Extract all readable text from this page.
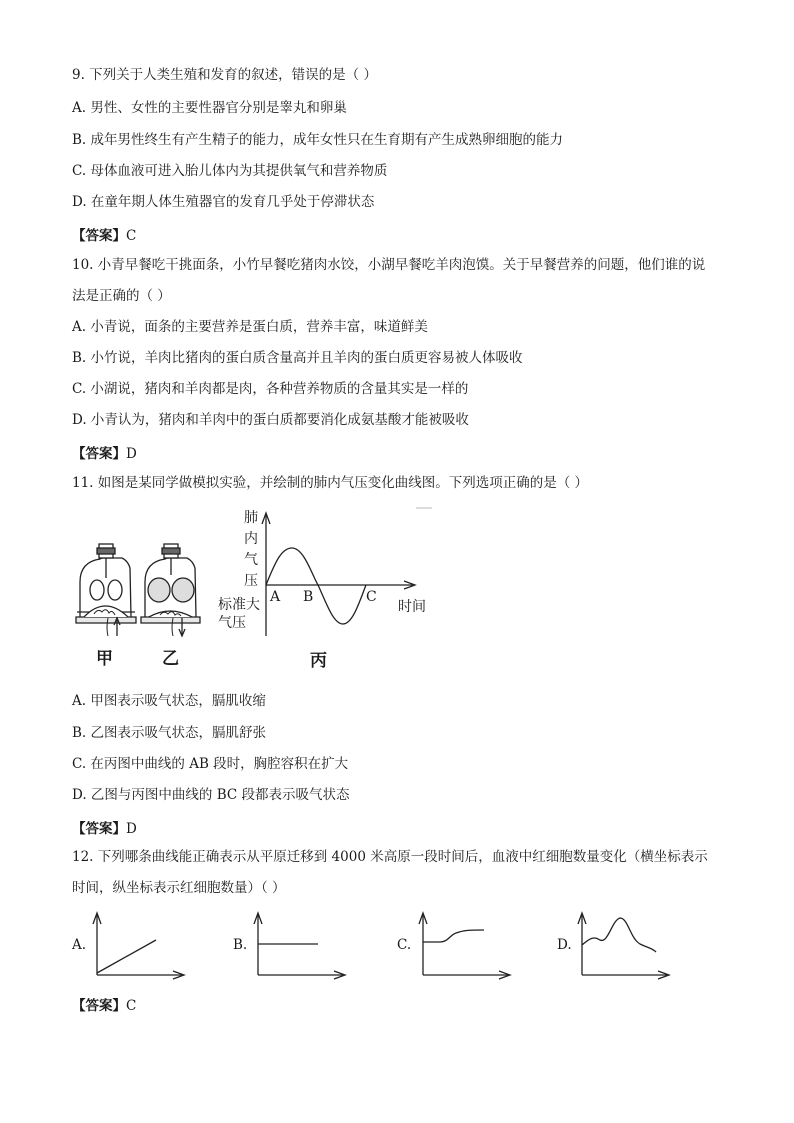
9. 下列关于人类生殖和发育的叙述，错误的是（ ）
A. 男性、女性的主要性器官分别是睾丸和卵巢
B. 成年男性终生有产生精子的能力，成年女性只在生育期有产生成熟卵细胞的能力
C. 母体血液可进入胎儿体内为其提供氧气和营养物质
D. 在童年期人体生殖器官的发育几乎处于停滞状态
【答案】C
10. 小青早餐吃干挑面条，小竹早餐吃猪肉水饺，小湖早餐吃羊肉泡馍。关于早餐营养的问题，他们谁的说
法是正确的（ ）
A. 小青说，面条的主要营养是蛋白质，营养丰富，味道鲜美
B. 小竹说，羊肉比猪肉的蛋白质含量高并且羊肉的蛋白质更容易被人体吸收
C. 小湖说，猪肉和羊肉都是肉，各种营养物质的含量其实是一样的
D. 小青认为，猪肉和羊肉中的蛋白质都要消化成氨基酸才能被吸收
【答案】D
11. 如图是某同学做模拟实验，并绘制的肺内气压变化曲线图。下列选项正确的是（ ）
甲	乙	丙
肺
内
气
压
标准大
气压
时间
A B	C
A. 甲图表示吸气状态，膈肌收缩
B. 乙图表示吸气状态，膈肌舒张
C. 在丙图中曲线的 AB 段时，胸腔容积在扩大
D. 乙图与丙图中曲线的 BC 段都表示吸气状态
【答案】D
12. 下列哪条曲线能正确表示从平原迁移到 4000 米高原一段时间后，血液中红细胞数量变化（横坐标表示
时间，纵坐标表示红细胞数量）（ ）
A.	B.	C.	D.
【答案】C
